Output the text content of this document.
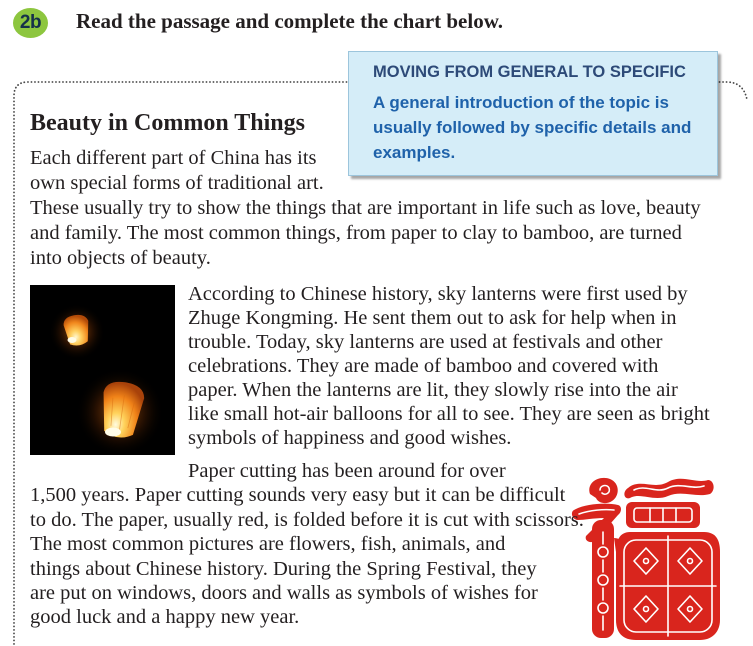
2b	Read the passage and complete the chart below.
MOVING FROM GENERAL TO SPECIFIC
A general introduction of the topic is
usually followed by specific details and
examples.
Beauty in Common Things
Each different part of China has its
own special forms of traditional art.
These usually try to show the things that are important in life such as love, beauty
and family. The most common things, from paper to clay to bamboo, are turned
into objects of beauty.
According to Chinese history, sky lanterns were first used by
Zhuge Kongming. He sent them out to ask for help when in
trouble. Today, sky lanterns are used at festivals and other
celebrations. They are made of bamboo and covered with
paper. When the lanterns are lit, they slowly rise into the air
like small hot-air balloons for all to see. They are seen as bright
symbols of happiness and good wishes.
Paper cutting has been around for over
1,500 years. Paper cutting sounds very easy but it can be difficult
to do. The paper, usually red, is folded before it is cut with scissors.
The most common pictures are flowers, fish, animals, and
things about Chinese history. During the Spring Festival, they
are put on windows, doors and walls as symbols of wishes for
good luck and a happy new year.
